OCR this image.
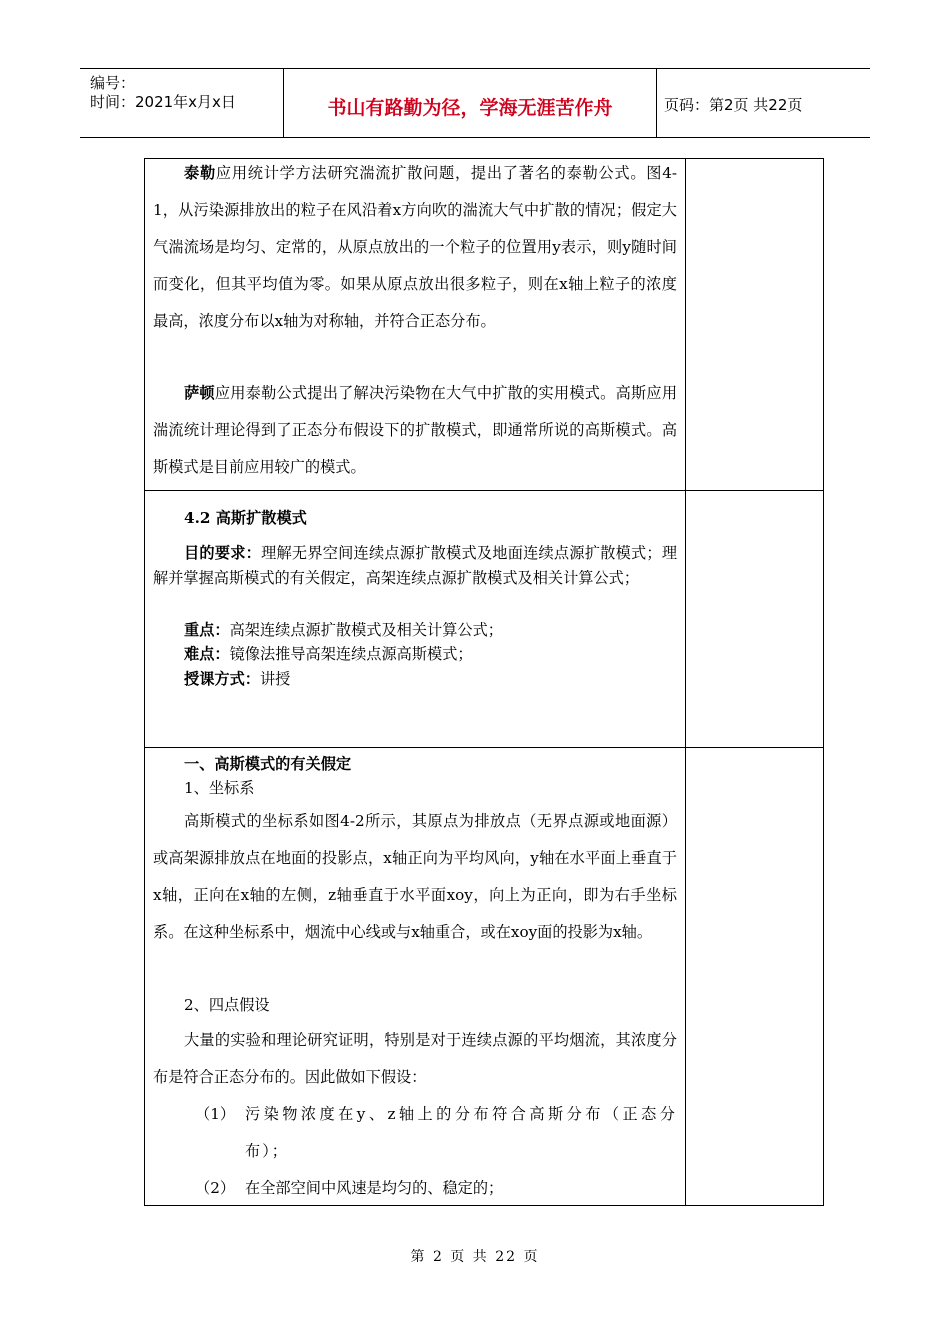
编号：
时间：2021年x月x日	书山有路勤为径，学海无涯苦作舟	页码：第2页 共22页

泰勒应用统计学方法研究湍流扩散问题，提出了著名的泰勒公式。图4-1，从污染源排放出的粒子在风沿着x方向吹的湍流大气中扩散的情况；假定大气湍流场是均匀、定常的，从原点放出的一个粒子的位置用y表示，则y随时间而变化，但其平均值为零。如果从原点放出很多粒子，则在x轴上粒子的浓度最高，浓度分布以x轴为对称轴，并符合正态分布。

萨顿应用泰勒公式提出了解决污染物在大气中扩散的实用模式。高斯应用湍流统计理论得到了正态分布假设下的扩散模式，即通常所说的高斯模式。高斯模式是目前应用较广的模式。

4.2 高斯扩散模式

目的要求：理解无界空间连续点源扩散模式及地面连续点源扩散模式；理解并掌握高斯模式的有关假定，高架连续点源扩散模式及相关计算公式；

重点：高架连续点源扩散模式及相关计算公式；
难点：镜像法推导高架连续点源高斯模式；
授课方式：讲授
一、高斯模式的有关假定
1、坐标系

高斯模式的坐标系如图4-2所示，其原点为排放点（无界点源或地面源）或高架源排放点在地面的投影点，x轴正向为平均风向，y轴在水平面上垂直于x轴，正向在x轴的左侧，z轴垂直于水平面xoy，向上为正向，即为右手坐标系。在这种坐标系中，烟流中心线或与x轴重合，或在xoy面的投影为x轴。

2、四点假设

大量的实验和理论研究证明，特别是对于连续点源的平均烟流，其浓度分布是符合正态分布的。因此做如下假设：

（1） 污染物浓度在y、z轴上的分布符合高斯分布（正态分布）；
（2） 在全部空间中风速是均匀的、稳定的；
第 2 页 共 22 页
